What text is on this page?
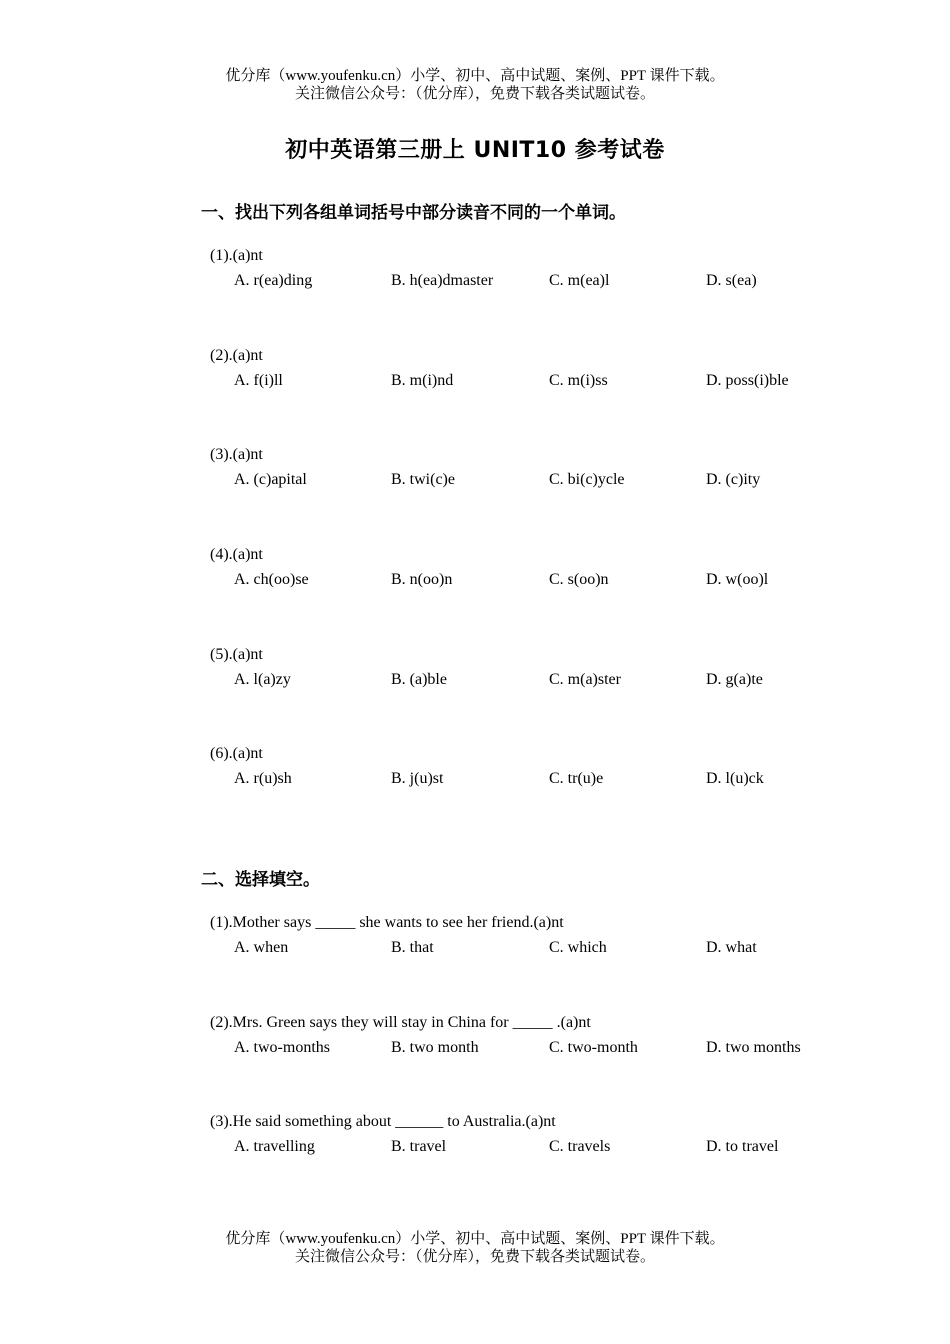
优分库（www.youfenku.cn）小学、初中、高中试题、案例、PPT 课件下载。
关注微信公众号：（优分库），免费下载各类试题试卷。
初中英语第三册上 UNIT10 参考试卷
一、找出下列各组单词括号中部分读音不同的一个单词。
(1).(a)nt
A. r(ea)ding	B. h(ea)dmaster	C. m(ea)l	D. s(ea)
(2).(a)nt
A. f(i)ll	B. m(i)nd	C. m(i)ss	D. poss(i)ble
(3).(a)nt
A. (c)apital	B. twi(c)e	C. bi(c)ycle	D. (c)ity
(4).(a)nt
A. ch(oo)se	B. n(oo)n	C. s(oo)n	D. w(oo)l
(5).(a)nt
A. l(a)zy	B. (a)ble	C. m(a)ster	D. g(a)te
(6).(a)nt
A. r(u)sh	B. j(u)st	C. tr(u)e	D. l(u)ck
二、选择填空。
(1).Mother says _____ she wants to see her friend.(a)nt
A. when	B. that	C. which	D. what
(2).Mrs. Green says they will stay in China for _____ .(a)nt
A. two-months	B. two month	C. two-month	D. two months
(3).He said something about ______ to Australia.(a)nt
A. travelling	B. travel	C. travels	D. to travel
优分库（www.youfenku.cn）小学、初中、高中试题、案例、PPT 课件下载。
关注微信公众号：（优分库），免费下载各类试题试卷。
